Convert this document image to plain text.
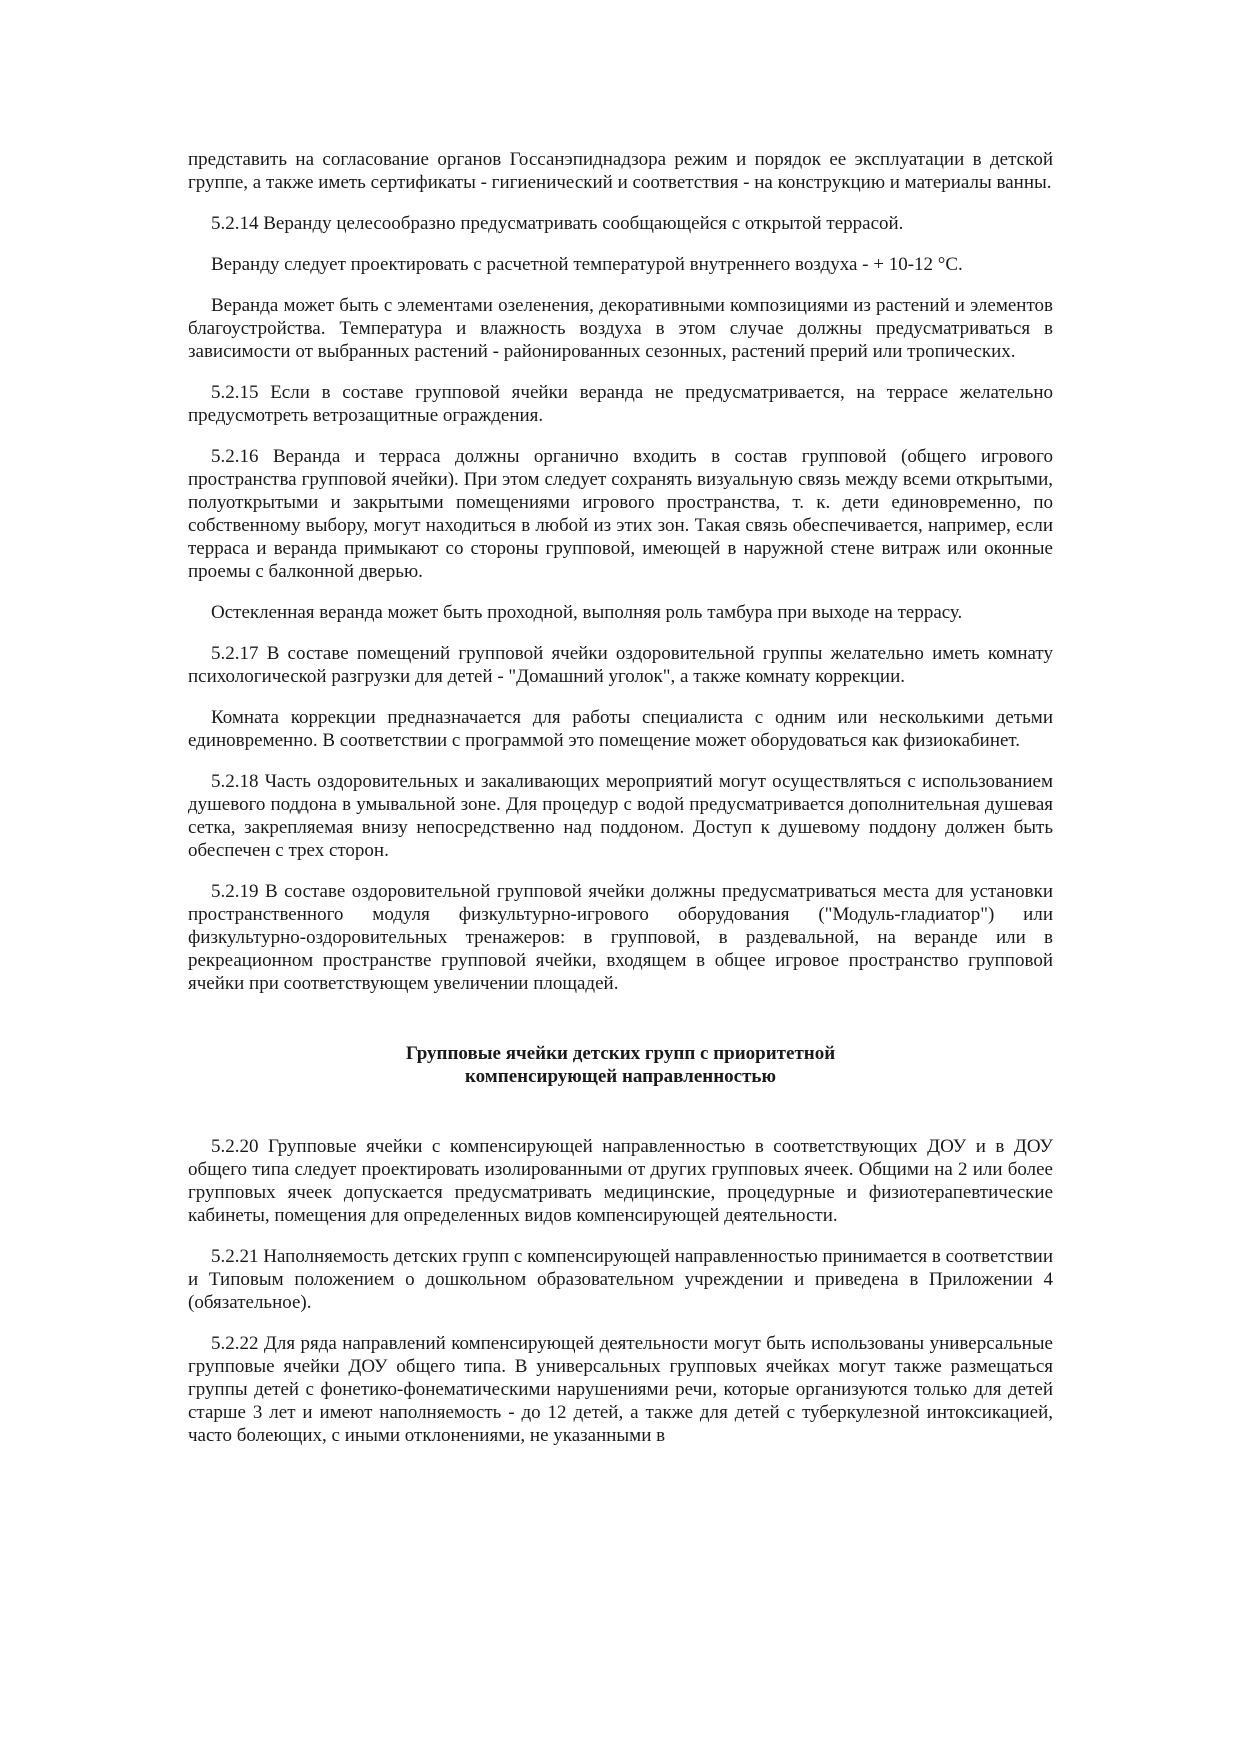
представить на согласование органов Госсанэпиднадзора режим и порядок ее эксплуатации в детской группе, а также иметь сертификаты - гигиенический и соответствия - на конструкцию и материалы ванны.

5.2.14 Веранду целесообразно предусматривать сообщающейся с открытой террасой.

Веранду следует проектировать с расчетной температурой внутреннего воздуха - + 10-12 °С.

Веранда может быть с элементами озеленения, декоративными композициями из растений и элементов благоустройства. Температура и влажность воздуха в этом случае должны предусматриваться в зависимости от выбранных растений - районированных сезонных, растений прерий или тропических.

5.2.15 Если в составе групповой ячейки веранда не предусматривается, на террасе желательно предусмотреть ветрозащитные ограждения.

5.2.16 Веранда и терраса должны органично входить в состав групповой (общего игрового пространства групповой ячейки). При этом следует сохранять визуальную связь между всеми открытыми, полуоткрытыми и закрытыми помещениями игрового пространства, т. к. дети единовременно, по собственному выбору, могут находиться в любой из этих зон. Такая связь обеспечивается, например, если терраса и веранда примыкают со стороны групповой, имеющей в наружной стене витраж или оконные проемы с балконной дверью.

Остекленная веранда может быть проходной, выполняя роль тамбура при выходе на террасу.

5.2.17 В составе помещений групповой ячейки оздоровительной группы желательно иметь комнату психологической разгрузки для детей - "Домашний уголок", а также комнату коррекции.

Комната коррекции предназначается для работы специалиста с одним или несколькими детьми единовременно. В соответствии с программой это помещение может оборудоваться как физиокабинет.

5.2.18 Часть оздоровительных и закаливающих мероприятий могут осуществляться с использованием душевого поддона в умывальной зоне. Для процедур с водой предусматривается дополнительная душевая сетка, закрепляемая внизу непосредственно над поддоном. Доступ к душевому поддону должен быть обеспечен с трех сторон.

5.2.19 В составе оздоровительной групповой ячейки должны предусматриваться места для установки пространственного модуля физкультурно-игрового оборудования ("Модуль-гладиатор") или физкультурно-оздоровительных тренажеров: в групповой, в раздевальной, на веранде или в рекреационном пространстве групповой ячейки, входящем в общее игровое пространство групповой ячейки при соответствующем увеличении площадей.

Групповые ячейки детских групп с приоритетной
компенсирующей направленностью

5.2.20 Групповые ячейки с компенсирующей направленностью в соответствующих ДОУ и в ДОУ общего типа следует проектировать изолированными от других групповых ячеек. Общими на 2 или более групповых ячеек допускается предусматривать медицинские, процедурные и физиотерапевтические кабинеты, помещения для определенных видов компенсирующей деятельности.

5.2.21 Наполняемость детских групп с компенсирующей направленностью принимается в соответствии и Типовым положением о дошкольном образовательном учреждении и приведена в Приложении 4 (обязательное).

5.2.22 Для ряда направлений компенсирующей деятельности могут быть использованы универсальные групповые ячейки ДОУ общего типа. В универсальных групповых ячейках могут также размещаться группы детей с фонетико-фонематическими нарушениями речи, которые организуются только для детей старше 3 лет и имеют наполняемость - до 12 детей, а также для детей с туберкулезной интоксикацией, часто болеющих, с иными отклонениями, не указанными в
